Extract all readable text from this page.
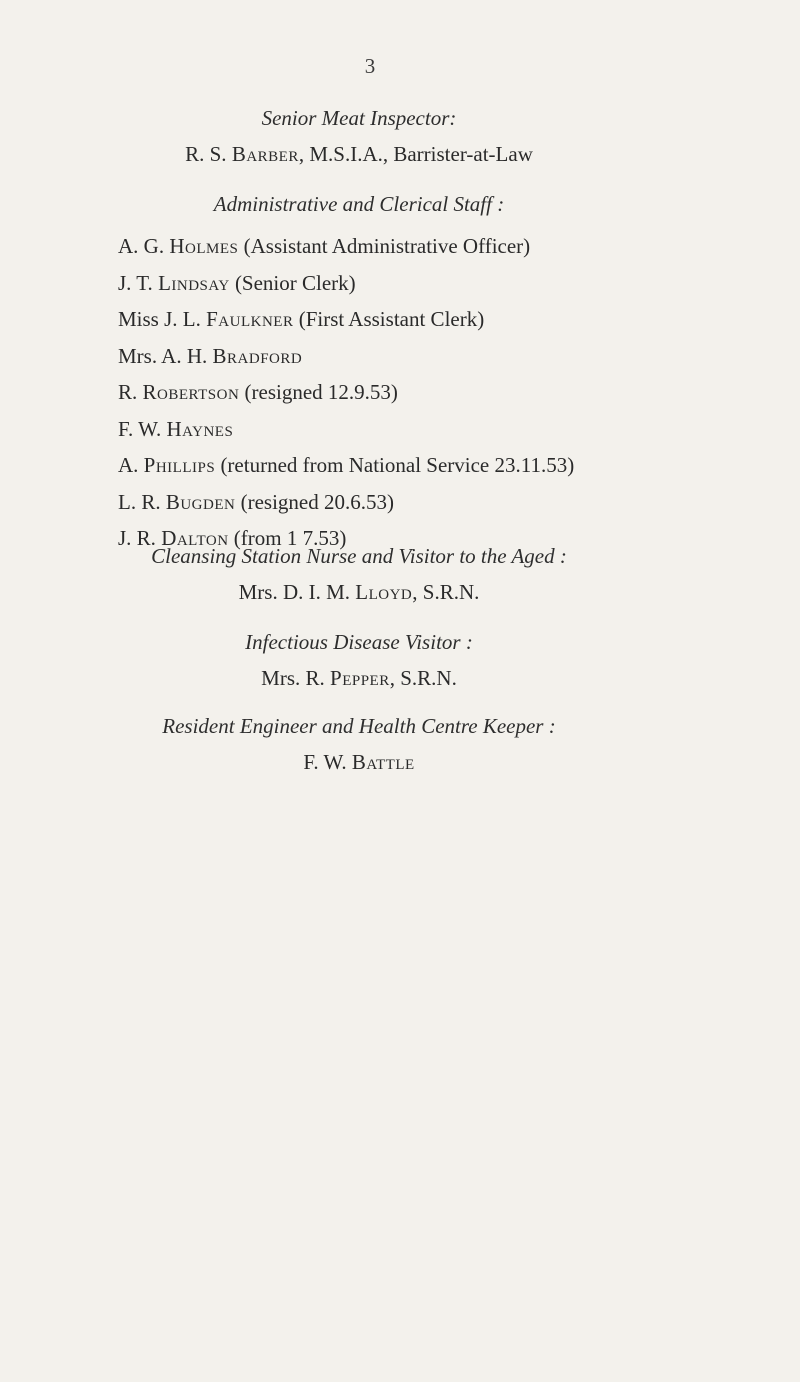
3
Senior Meat Inspector:
R. S. Barber, M.S.I.A., Barrister-at-Law
Administrative and Clerical Staff :
A. G. Holmes (Assistant Administrative Officer)
J. T. Lindsay (Senior Clerk)
Miss J. L. Faulkner (First Assistant Clerk)
Mrs. A. H. Bradford
R. Robertson (resigned 12.9.53)
F. W. Haynes
A. Phillips (returned from National Service 23.11.53)
L. R. Bugden (resigned 20.6.53)
J. R. Dalton (from 1 7.53)
Cleansing Station Nurse and Visitor to the Aged :
Mrs. D. I. M. Lloyd, S.R.N.
Infectious Disease Visitor :
Mrs. R. Pepper, S.R.N.
Resident Engineer and Health Centre Keeper :
F. W. Battle
